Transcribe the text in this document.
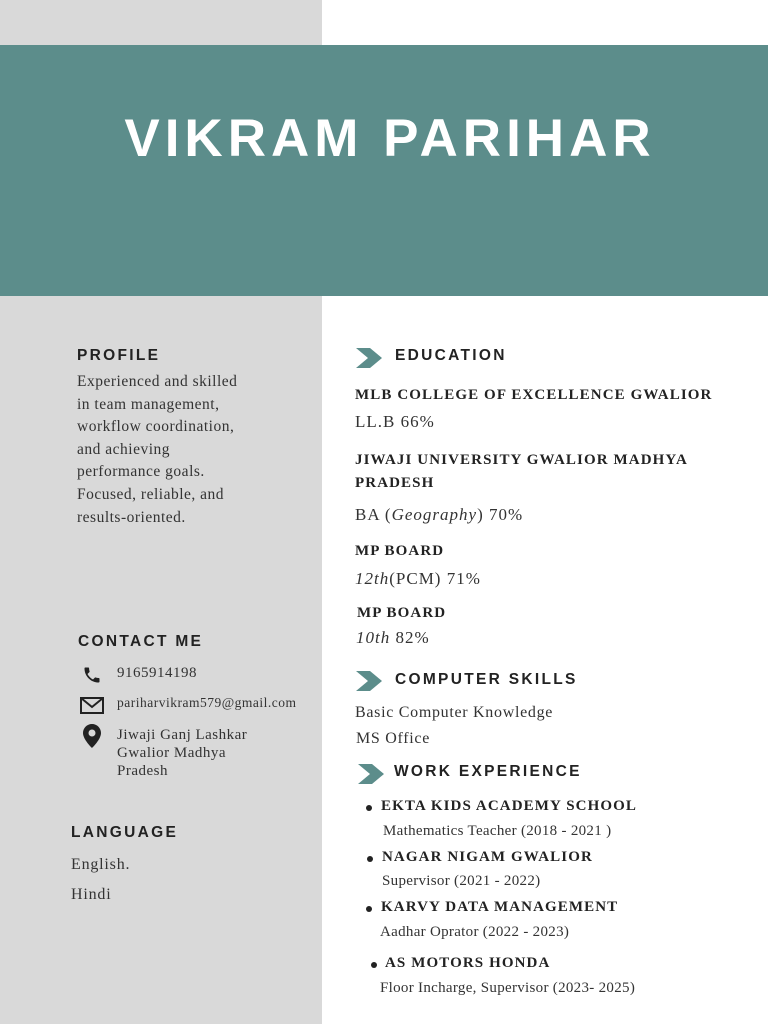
VIKRAM PARIHAR
PROFILE
Experienced and skilled
in team management,
workflow coordination,
and achieving
performance goals.
Focused, reliable, and
results-oriented.
CONTACT ME
9165914198
pariharvikram579@gmail.com
Jiwaji Ganj Lashkar
Gwalior Madhya
Pradesh
LANGUAGE

English.

Hindi

EDUCATION

MLB COLLEGE OF EXCELLENCE GWALIOR

LL.B 66%

JIWAJI UNIVERSITY GWALIOR MADHYA
PRADESH

BA (Geography) 70%

MP BOARD

12th(PCM) 71%

MP BOARD

10th 82%

COMPUTER SKILLS

Basic Computer Knowledge

MS Office

WORK EXPERIENCE

EKTA KIDS ACADEMY SCHOOL

Mathematics Teacher (2018 - 2021 )

NAGAR NIGAM GWALIOR

Supervisor (2021 - 2022)

KARVY DATA MANAGEMENT

Aadhar Oprator (2022 - 2023)

AS MOTORS HONDA

Floor Incharge, Supervisor (2023- 2025)
